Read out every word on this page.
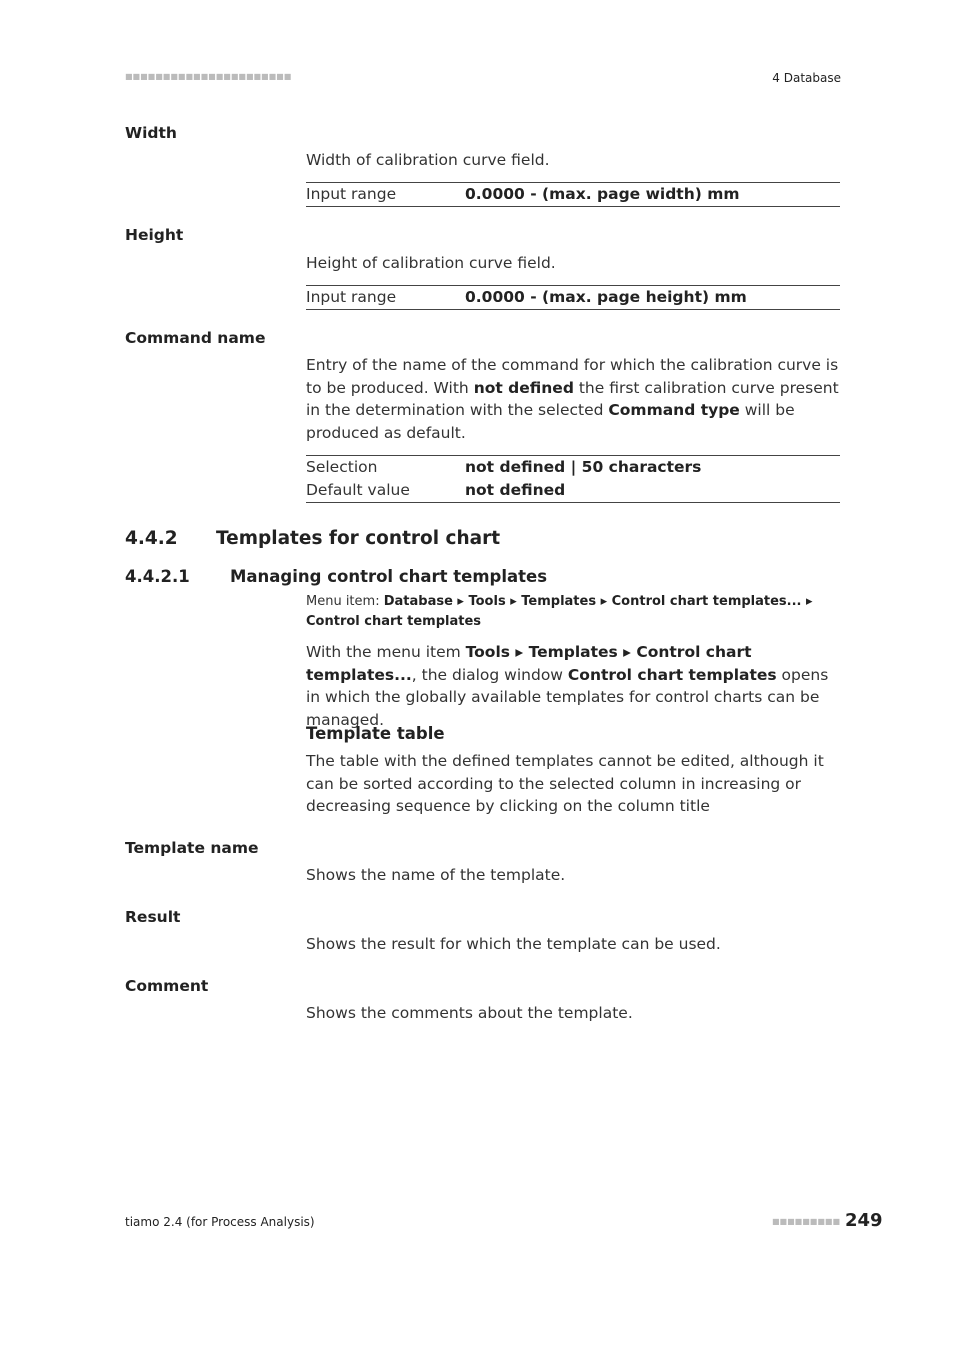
■■■■■■■■■■■■■■■■■■■■■■	4 Database
Width
Width of calibration curve field.
Input range	0.0000 - (max. page width) mm
Height
Height of calibration curve field.
Input range	0.0000 - (max. page height) mm
Command name
Entry of the name of the command for which the calibration curve is to be produced. With not defined the first calibration curve present in the determination with the selected Command type will be produced as default.
Selection	not defined | 50 characters
Default value	not defined
4.4.2 Templates for control chart
4.4.2.1 Managing control chart templates
Menu item: Database ▸ Tools ▸ Templates ▸ Control chart templates... ▸ Control chart templates
With the menu item Tools ▸ Templates ▸ Control chart templates..., the dialog window Control chart templates opens in which the globally available templates for control charts can be managed.
Template table
The table with the defined templates cannot be edited, although it can be sorted according to the selected column in increasing or decreasing sequence by clicking on the column title
Template name
Shows the name of the template.
Result
Shows the result for which the template can be used.
Comment
Shows the comments about the template.
tiamo 2.4 (for Process Analysis)	■■■■■■■■■ 249
